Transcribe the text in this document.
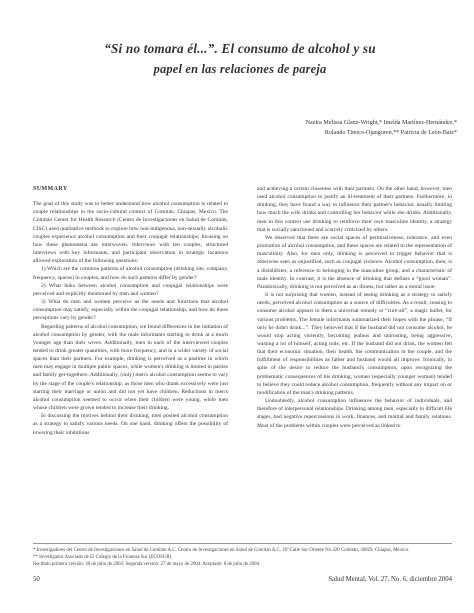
“Si no tomara él...”. El consumo de alcohol y su
papel en las relaciones de pareja
Nazira Melissa Glanz-Wright,* Imelda Martínez-Hernández,*
Rolando Tinoco-Ojanguren,** Patricia de León-Baiz*
SUMMARY

The goal of this study was to better understand how alcohol consumption is related to couple relationships in the socio-cultural context of Comitán, Chiapas, Mexico. The Comitán Center for Health Research (Centro de Investigaciones en Salud de Comitán, CISC) used qualitative methods to explore how non-indigenous, non-sexually alcoholic couples experience alcohol consumption and their conjugal relationships; focusing on how these phenomena are interwoven. Interviews with ten couples, structured interviews with key informants, and participant observation in strategic locations allowed exploration of the following questions:

1) Which are the common patterns of alcohol consumption (drinking site, company, frequency, spaces) in couples, and how do such patterns differ by gender?

2) What links between alcohol consumption and conjugal relationships were perceived and explicitly mentioned by men and women?

3) What do men and women perceive as the needs and functions that alcohol consumption may satisfy, especially within the conjugal relationship, and how do these perceptions vary by gender?

Regarding patterns of alcohol consumption, we found differences in the initiation of alcohol consumption by gender, with the male informants starting to drink at a much younger age than their wives. Additionally, men in each of the interviewed couples tended to drink greater quantities, with more frequency, and in a wider variety of social spaces than their partners. For example, drinking is perceived as a pastime in which men may engage in multiple public spaces, while women's drinking is limited to parties and family get-togethers. Additionally, (only) men's alcohol consumption seems to vary by the stage of the couple's relationship, as those men who drank excessively were just starting their marriage or union and did not yet have children. Reductions in men's alcohol consumption seemed to occur when their children were young, while men whose children were grown tended to increase their drinking.

In discussing the motives behind their drinking, men posited alcohol consumption as a strategy to satisfy various needs. On one hand, drinking offers the possibility of lowering their inhibitions

and achieving a certain closeness with their partners. On the other hand, however, men used alcohol consumption to justify an ill-treatment of their partners. Furthermore, in drinking, they have found a way to influence their partner's behavior, usually limiting how much the wife drinks and controlling her behavior while she drinks. Additionally, men in this context use drinking to reinforce their own masculine identity, a strategy that is socially sanctioned and scarcely criticized by others.

We observed that there are social spaces of permissiveness, tolerance, and even promotion of alcohol consumption, and these spaces are related to the representation of masculinity. Also, for men only, drinking is perceived to trigger behavior that is otherwise seen as unjustified, such as conjugal violence. Alcohol consumption, then, is a disinhibiter, a reference to belonging in the masculine group, and a characteristic of male identity. In contrast, it is the absence of drinking that defines a “good woman”. Paradoxically, drinking is not perceived as an illness, but rather as a moral issue.

It is not surprising that women, instead of seeing drinking as a strategy to satisfy needs, perceived alcohol consumption as a source of difficulties. As a result, ceasing to consume alcohol appears to them a universal remedy or “cure-all”, a magic bullet, for various problems. The female informants summarized their hopes with the phrase, “If only he didn't drink...”. They believed that if the husband did not consume alcohol, he would stop acting violently, becoming jealous and untrusting, being aggressive, wasting a lot of himself, acting rude, etc. If the husband did not drink, the women felt that their economic situation, their health, the communication in the couple, and the fulfillment of responsibilities as father and husband would all improve. Ironically, in spite of the desire to reduce the husband's consumption, upon recognizing the problematic consequences of his drinking, women (especially younger women) tended to believe they could reduce alcohol consumption, frequently without any impact on or modification of the man's drinking patterns.

Undoubtedly, alcohol consumption influences the behavior of individuals, and therefore of interpersonal relationships. Drinking among men, especially in difficult life stages, had negative repercussions in work, finances, and marital and family relations. Most of the problems within couples were perceived as linked to

* Investigadores del Centro de Investigaciones en Salud de Comitán A.C. Centro de Investigaciones en Salud de Comitán A.C. 10ª Calle Sur Oriente No.220 Comitán, 30029, Chiapas, México.
** Investigador Asociado de El Colegio de la Frontera Sur (ECOSUR).
Recibido primera versión: 30 de julio de 2003. Segunda versión: 27 de mayo de 2004. Aceptado: 8 de julio de 2004.
50	Salud Mental, Vol. 27, No. 6, diciembre 2004
